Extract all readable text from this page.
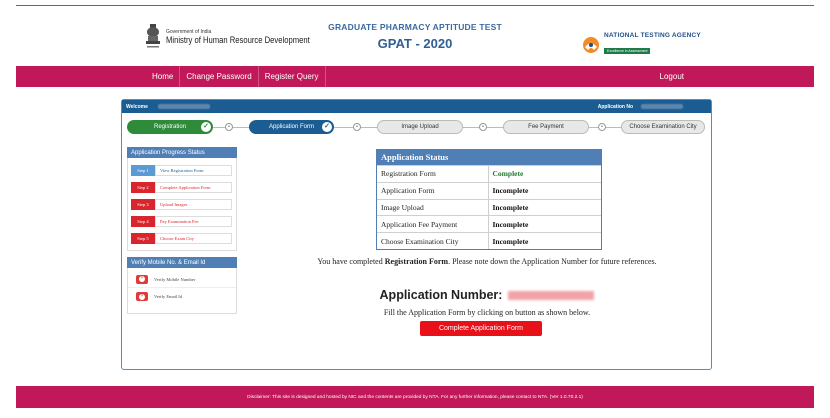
Government of India
Ministry of Human Resource Development
GRADUATE PHARMACY APTITUDE TEST
GPAT - 2020
NATIONAL TESTING AGENCY
Excellence in Assessment
Home	Change Password	Register Query	Logout
Welcome	Application No
Registration ✓	•	Application Form ✓	•	Image Upload	•	Fee Payment	•	Choose Examination City
Application Progress Status
Step 1	View Registration Form
Step 2	Complete Application Form
Step 3	Upload Images
Step 4	Pay Examination Fee
Step 5	Choose Exam City
Verify Mobile No. & Email Id
×	Verify Mobile Number
×	Verify Email Id
Application Status
Registration Form	Complete
Application Form	Incomplete
Image Upload	Incomplete
Application Fee Payment	Incomplete
Choose Examination City	Incomplete
You have completed Registration Form. Please note down the Application Number for future references.
Application Number:
Fill the Application Form by clicking on button as shown below.
Complete Application Form
Disclaimer: This site is designed and hosted by NIC and the contents are provided by NTA. For any further information, please contact to NTA. (Ver 1.0.70.2.1)
